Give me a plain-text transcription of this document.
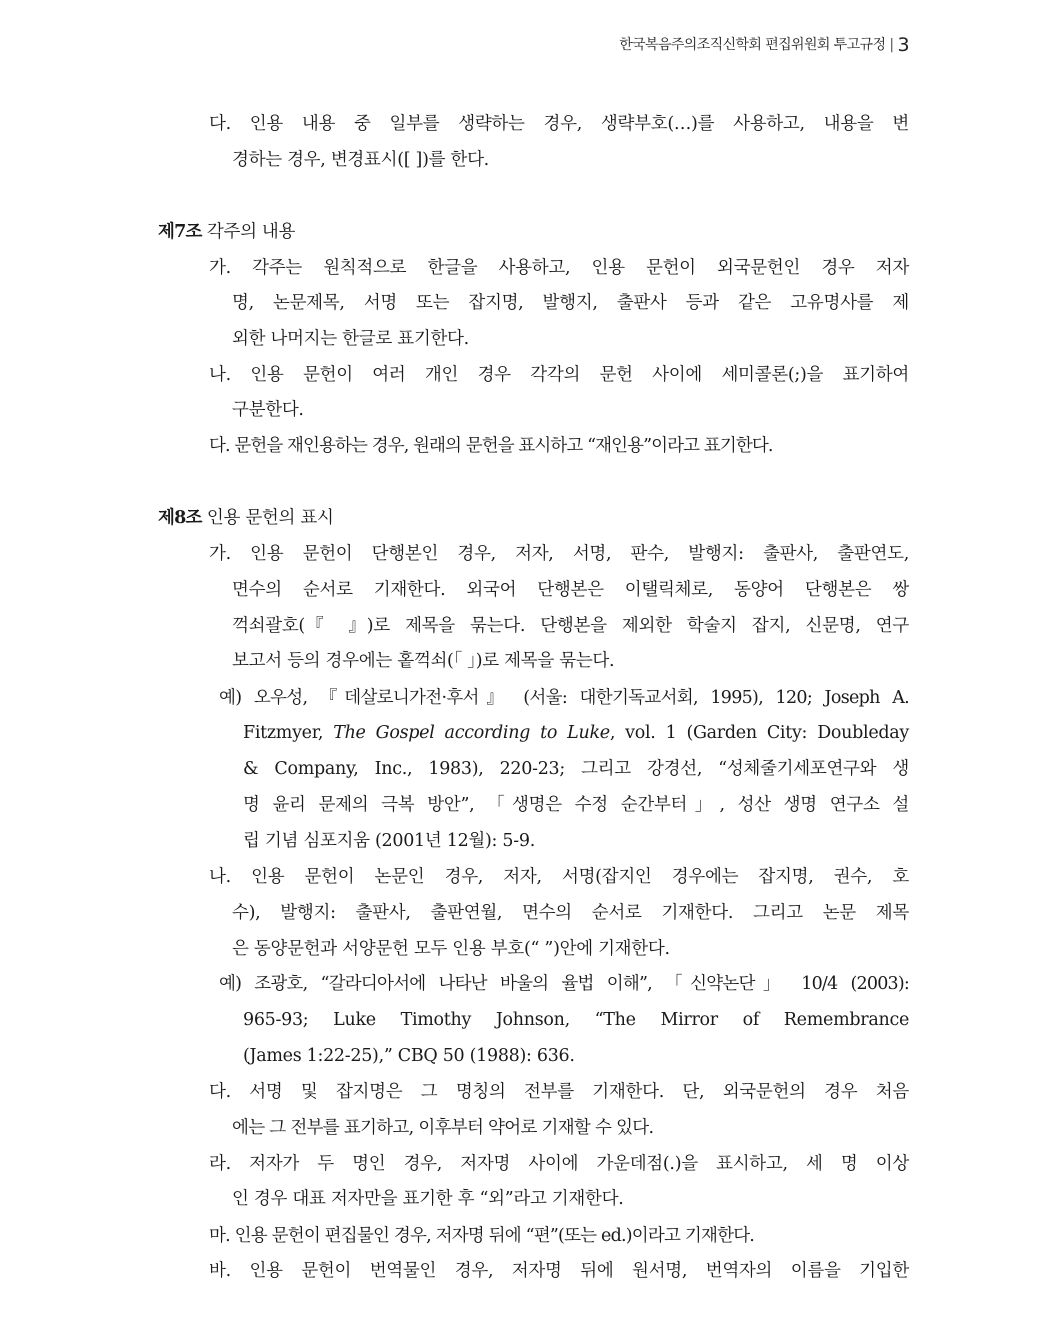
한국복음주의조직신학회 편집위원회 투고규정 | 3
다. 인용 내용 중 일부를 생략하는 경우, 생략부호(…)를 사용하고, 내용을 변
경하는 경우, 변경표시([ ])를 한다.
제7조 각주의 내용
가. 각주는 원칙적으로 한글을 사용하고, 인용 문헌이 외국문헌인 경우 저자
명, 논문제목, 서명 또는 잡지명, 발행지, 출판사 등과 같은 고유명사를 제
외한 나머지는 한글로 표기한다.
나. 인용 문헌이 여러 개인 경우 각각의 문헌 사이에 세미콜론(;)을 표기하여
구분한다.
다. 문헌을 재인용하는 경우, 원래의 문헌을 표시하고 “재인용”이라고 표기한다.
제8조 인용 문헌의 표시
가. 인용 문헌이 단행본인 경우, 저자, 서명, 판수, 발행지: 출판사, 출판연도,
면수의 순서로 기재한다. 외국어 단행본은 이탤릭체로, 동양어 단행본은 쌍
꺽쇠괄호(『 』)로 제목을 묶는다. 단행본을 제외한 학술지 잡지, 신문명, 연구
보고서 등의 경우에는 홑꺽쇠(「 」)로 제목을 묶는다.
예) 오우성, 『데살로니가전·후서』 (서울: 대한기독교서회, 1995), 120; Joseph A.
Fitzmyer, The Gospel according to Luke, vol. 1 (Garden City: Doubleday
& Company, Inc., 1983), 220-23; 그리고 강경선, “성체줄기세포연구와 생
명 윤리 문제의 극복 방안”, 「생명은 수정 순간부터」, 성산 생명 연구소 설
립 기념 심포지움 (2001년 12월): 5-9.
나. 인용 문헌이 논문인 경우, 저자, 서명(잡지인 경우에는 잡지명, 권수, 호
수), 발행지: 출판사, 출판연월, 면수의 순서로 기재한다. 그리고 논문 제목
은 동양문헌과 서양문헌 모두 인용 부호(“ ”)안에 기재한다.
예) 조광호, “갈라디아서에 나타난 바울의 율법 이해”, 「신약논단」 10/4 (2003):
965-93; Luke Timothy Johnson, “The Mirror of Remembrance
(James 1:22-25),” CBQ 50 (1988): 636.
다. 서명 및 잡지명은 그 명칭의 전부를 기재한다. 단, 외국문헌의 경우 처음
에는 그 전부를 표기하고, 이후부터 약어로 기재할 수 있다.
라. 저자가 두 명인 경우, 저자명 사이에 가운데점(.)을 표시하고, 세 명 이상
인 경우 대표 저자만을 표기한 후 “외”라고 기재한다.
마. 인용 문헌이 편집물인 경우, 저자명 뒤에 “편”(또는 ed.)이라고 기재한다.
바. 인용 문헌이 번역물인 경우, 저자명 뒤에 원서명, 번역자의 이름을 기입한
